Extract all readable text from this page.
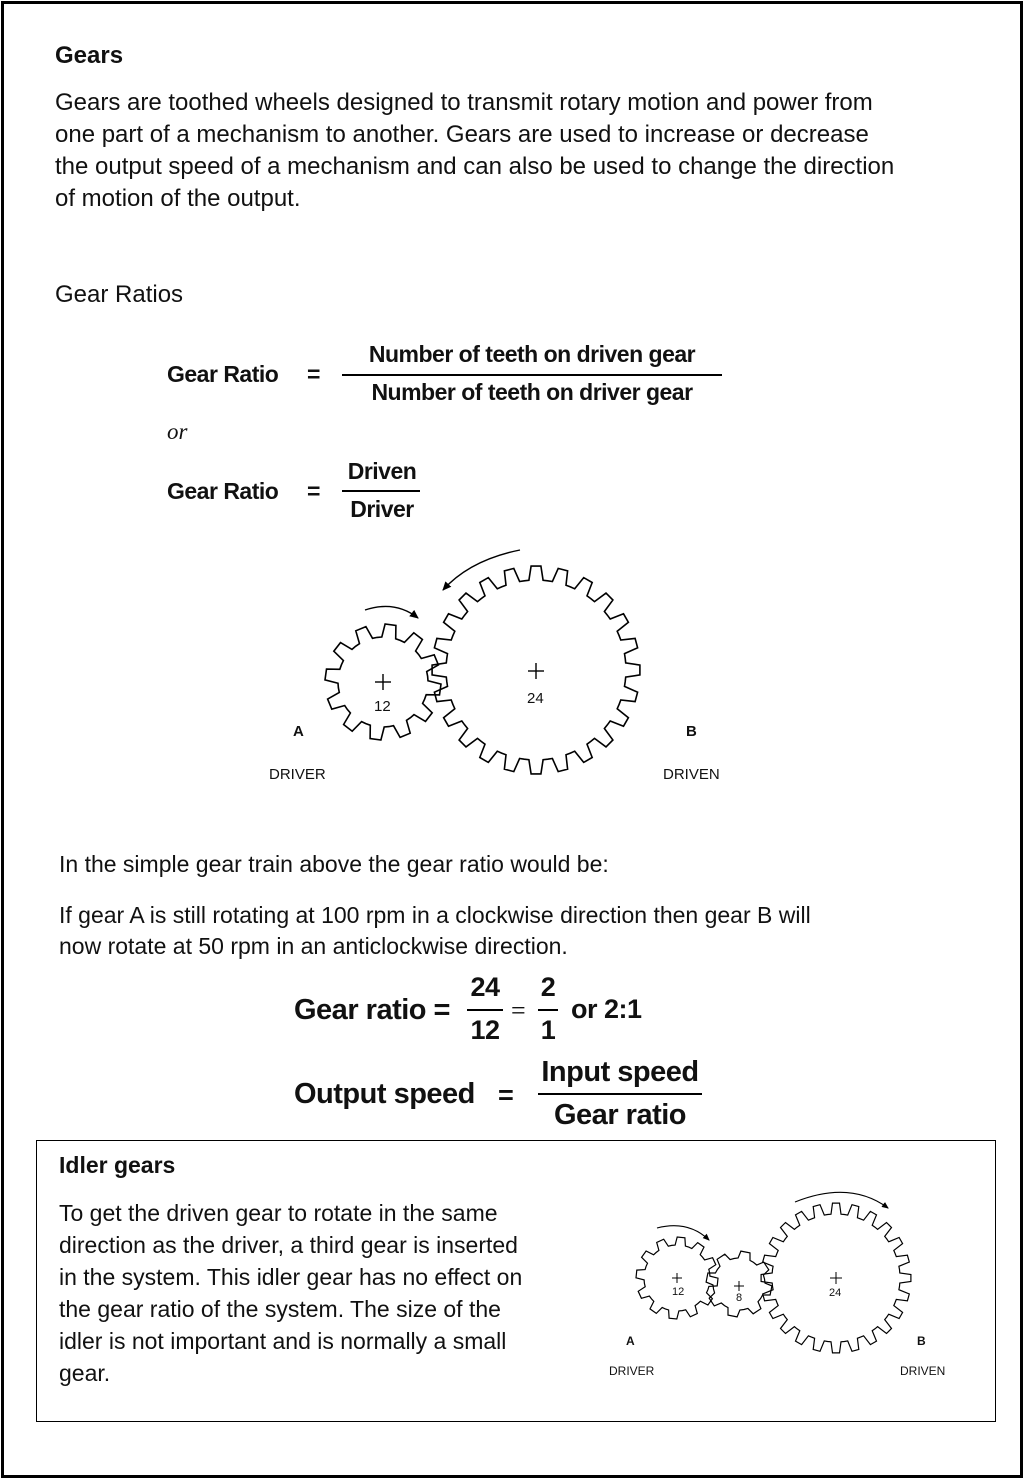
Gears
Gears are toothed wheels designed to transmit rotary motion and power from
one part of a mechanism to another. Gears are used to increase or decrease
the output speed of a mechanism and can also be used to change the direction
of motion of the output.
Gear Ratios
Gear Ratio =
Number of teeth on driven gear
Number of teeth on driver gear
or
Gear Ratio =
Driven
Driver
12	24
A	B
DRIVER	DRIVEN
In the simple gear train above the gear ratio would be:
If gear A is still rotating at 100 rpm in a clockwise direction then gear B will
now rotate at 50 rpm in an anticlockwise direction.
Gear ratio =
24
12
=
2
1
or 2:1
Output speed =
Input speed
Gear ratio
Idler gears
To get the driven gear to rotate in the same
direction as the driver, a third gear is inserted
in the system. This idler gear has no effect on
the gear ratio of the system. The size of the
idler is not important and is normally a small
gear.
12	8	24
A	B
DRIVER	DRIVEN
